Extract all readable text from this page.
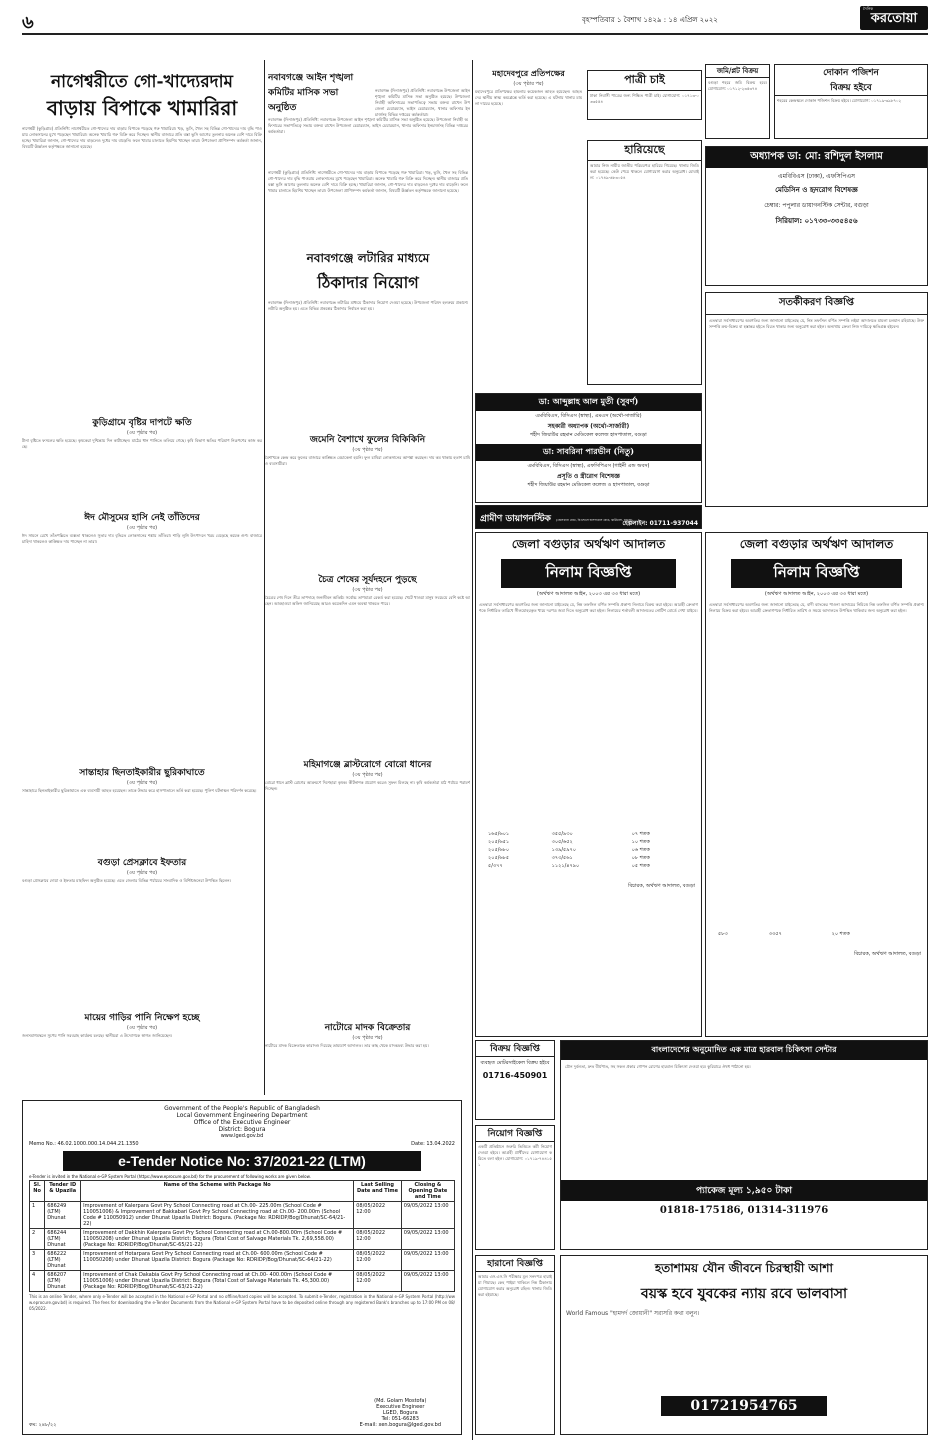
৬	বৃহস্পতিবার ১ বৈশাখ ১৪২৯ : ১৪ এপ্রিল ২০২২
দৈনিক
করতোয়া
নাগেশ্বরীতে গো-খাদ্যেরদাম
বাড়ায় বিপাকে খামারিরা
নাগেশ্বরী (কুড়িগ্রাম) প্রতিনিধি: নাগেশ্বরীতে গো-খাদ্যের দাম বাড়ায় বিপাকে পড়েছে গরু খামারিরা। খড়, ভুসি, খৈল সহ বিভিন্ন গো-খাদ্যের দাম বৃদ্ধি পাওয়ায় লোকসানের মুখে পড়েছেন খামারিরা। অনেক খামারি গরু বিক্রি করে দিচ্ছেন। স্থানীয় বাজারে প্রতি বস্তা ভুসি আগের তুলনায় অনেক বেশি দামে বিক্রি হচ্ছে। খামারিরা জানান, গো-খাদ্যের দাম বাড়লেও দুধের দাম বাড়েনি। ফলে খামার চালাতে হিমশিম খাচ্ছেন তারা। উপজেলা প্রাণিসম্পদ কর্মকর্তা জানান, বিষয়টি ঊর্ধ্বতন কর্তৃপক্ষকে জানানো হয়েছে।
নাগেশ্বরী (কুড়িগ্রাম) প্রতিনিধি: নাগেশ্বরীতে গো-খাদ্যের দাম বাড়ায় বিপাকে পড়েছে গরু খামারিরা। খড়, ভুসি, খৈল সহ বিভিন্ন গো-খাদ্যের দাম বৃদ্ধি পাওয়ায় লোকসানের মুখে পড়েছেন খামারিরা। অনেক খামারি গরু বিক্রি করে দিচ্ছেন। স্থানীয় বাজারে প্রতি বস্তা ভুসি আগের তুলনায় অনেক বেশি দামে বিক্রি হচ্ছে। খামারিরা জানান, গো-খাদ্যের দাম বাড়লেও দুধের দাম বাড়েনি। ফলে খামার চালাতে হিমশিম খাচ্ছেন তারা। উপজেলা প্রাণিসম্পদ কর্মকর্তা জানান, বিষয়টি ঊর্ধ্বতন কর্তৃপক্ষকে জানানো হয়েছে।
নবাবগঞ্জে আইন শৃঙ্খলা
কমিটির মাসিক সভা
অনুষ্ঠিত
নবাবগঞ্জ (দিনাজপুর) প্রতিনিধি: নবাবগঞ্জে উপজেলা আইন শৃঙ্খলা কমিটির মাসিক সভা অনুষ্ঠিত হয়েছে। উপজেলা নির্বাহী অফিসারের সভাপতিত্বে সভায় বক্তব্য রাখেন উপজেলা চেয়ারম্যান, ভাইস চেয়ারম্যান, থানার অফিসার ইনচার্জসহ বিভিন্ন দপ্তরের কর্মকর্তারা।
নবাবগঞ্জ (দিনাজপুর) প্রতিনিধি: নবাবগঞ্জে উপজেলা আইন শৃঙ্খলা কমিটির মাসিক সভা অনুষ্ঠিত হয়েছে। উপজেলা নির্বাহী অফিসারের সভাপতিত্বে সভায় বক্তব্য রাখেন উপজেলা চেয়ারম্যান, ভাইস চেয়ারম্যান, থানার অফিসার ইনচার্জসহ বিভিন্ন দপ্তরের কর্মকর্তারা।
নবাবগঞ্জে লটারির মাধ্যমে
ঠিকাদার নিয়োগ
নবাবগঞ্জ (দিনাজপুর) প্রতিনিধি: নবাবগঞ্জে লটারির মাধ্যমে ঠিকাদার নিয়োগ দেওয়া হয়েছে। উপজেলা পরিষদ হলরুমে প্রকাশ্যে লটারি অনুষ্ঠিত হয়। এতে বিভিন্ন প্রকল্পের ঠিকাদার নির্বাচন করা হয়।
কুড়িগ্রামে বৃষ্টির দাপটে ক্ষতি
(৩য় পৃষ্ঠার পর)
টানা বৃষ্টিতে ফসলের ক্ষতি হয়েছে। কৃষকেরা দুশ্চিন্তায় দিন কাটাচ্ছেন। মাঠের ধান পানিতে তলিয়ে গেছে। কৃষি বিভাগ ক্ষতির পরিমাণ নিরূপণের কাজ করছে।
ঈদ মৌসুমের হাসি নেই তাঁতিদের
(৩য় পৃষ্ঠার পর)
ঈদ সামনে রেখে তাঁতপল্লিতে ব্যস্ততা থাকলেও সুতার দাম বৃদ্ধিতে লোকসানের শঙ্কায় তাঁতিরা। শাড়ি লুঙ্গি উৎপাদনে খরচ বেড়েছে কয়েক গুণ। বাজারে চাহিদা থাকলেও কাঙ্ক্ষিত দাম পাচ্ছেন না তারা।
সান্তাহার ছিনতাইকারীর ছুরিকাঘাতে
(৩য় পৃষ্ঠার পর)
সান্তাহারে ছিনতাইকারীর ছুরিকাঘাতে এক ব্যবসায়ী আহত হয়েছেন। তাকে উদ্ধার করে হাসপাতালে ভর্তি করা হয়েছে। পুলিশ ঘটনাস্থল পরিদর্শন করেছে।
বগুড়া প্রেসক্লাবে ইফতার
(৩য় পৃষ্ঠার পর)
বগুড়া প্রেসক্লাবে দোয়া ও ইফতার মাহফিল অনুষ্ঠিত হয়েছে। এতে জেলার বিভিন্ন পর্যায়ের সাংবাদিক ও বিশিষ্টজনেরা উপস্থিত ছিলেন।
মায়ের গাড়ির পানি নিক্ষেপ হচ্ছে
(৩য় পৃষ্ঠার পর)
জনসমাগমস্থলে সুপেয় পানি সরবরাহ কার্যক্রম চলছে। স্থানীয়রা এ উদ্যোগকে স্বাগত জানিয়েছেন।
জমেনি বৈশাখে ফুলের বিকিকিনি
(৩য় পৃষ্ঠার পর)
বৈশাখকে কেন্দ্র করে ফুলের বাজারে কাঙ্ক্ষিত বেচাকেনা হয়নি। ফুল চাষিরা লোকসানের আশঙ্কা করছেন। দাম কম থাকায় হতাশ চাষি ও ব্যবসায়ীরা।
চৈত্র শেষের সূর্যদহনে পুড়ছে
(৩য় পৃষ্ঠার পর)
চৈত্রের শেষ দিনে তীব্র তাপদাহে জনজীবন অতিষ্ঠ। সর্বোচ্চ তাপমাত্রা রেকর্ড করা হয়েছে। খেটে খাওয়া মানুষ সবচেয়ে বেশি কষ্টে আছেন। আবহাওয়া অফিস জানিয়েছে আরও কয়েকদিন এমন অবস্থা থাকতে পারে।
মহিমাগঞ্জে ব্লাস্টরোগে বোরো ধানের
(৩য় পৃষ্ঠার পর)
বোরো ধানে ব্লাস্ট রোগের আক্রমণে দিশেহারা কৃষক। কীটনাশক প্রয়োগ করেও সুফল মিলছে না। কৃষি কর্মকর্তারা মাঠ পর্যায়ে পরামর্শ দিচ্ছেন।
নাটোরে মাদক বিক্রেতার
(৩য় পৃষ্ঠার পর)
নাটোরে মাদক বিক্রেতাকে কারাদণ্ড দিয়েছে ভ্রাম্যমাণ আদালত। তার কাছ থেকে মাদকদ্রব্য উদ্ধার করা হয়।
মহাদেবপুরে প্রতিপক্ষের
(৩য় পৃষ্ঠার পর)
মহাদেবপুরে প্রতিপক্ষের হামলায় কয়েকজন আহত হয়েছেন। আহতদের স্থানীয় স্বাস্থ্য কমপ্লেক্সে ভর্তি করা হয়েছে। এ ঘটনায় থানায় মামলা দায়ের হয়েছে।
পাত্রী চাই
ঢাকা নিবাসী পাত্রের জন্য শিক্ষিত পাত্রী চাই। যোগাযোগ: ০১৭১৩-০৩৩৫৫৪
জমি/প্লট বিক্রয়
বগুড়া শহরে জমি বিক্রয় হবে। যোগাযোগ: ০১৭১২-২৩৫৩৭৪
দোকান পজিশন
বিক্রয় হইবে
শহরের কেন্দ্রস্থলে দোকান পজিশন বিক্রয় হইবে। যোগাযোগ: ০১৭১৯-৩৯৮৭০২
হারিয়েছে
আমার নিজ নামীয় জাতীয় পরিচয়পত্র হারিয়ে গিয়েছে। থানায় জিডি করা হয়েছে। কেউ পেয়ে থাকলে যোগাযোগ করার অনুরোধ। মোবাইল: ০১৭৪৯-৬৮৩০৫৪
অধ্যাপক ডা: মো: রশিদুল ইসলাম
এমবিবিএস (ঢাকা), এফসিপিএস
মেডিসিন ও হৃদরোগ বিশেষজ্ঞ
চেম্বার: পপুলার ডায়াগনস্টিক সেন্টার, বগুড়া
সিরিয়াল: ০১৭৩৩-৩৩৫৪৫৬
ডা: আব্দুল্লাহ আল মুতী (সুবর্ণ)
এমবিবিএস, বিসিএস (স্বাস্থ্য), এমএস (অর্থো-সার্জারি)
সহকারী অধ্যাপক (অর্থো-সার্জারী)
শহীদ জিয়াউর রহমান মেডিকেল কলেজ হাসপাতাল, বগুড়া
ডা: সাবরিনা পারভীন (নিতু)
এমবিবিএস, বিসিএস (স্বাস্থ্য), এফসিপিএস (গাইনী এন্ড অবস)
প্রসূতি ও স্ত্রীরোগ বিশেষজ্ঞ
শহীদ জিয়াউর রহমান মেডিকেল কলেজ ও হাসপাতাল, বগুড়া
গ্রামীণ ডায়াগনস্টিক (জেলখানা রোড, বিএসএস হাসপাতাল রোড, ঝাউতলা, বগুড়া)
হেল্পলাইন: 01711-937044
সতর্কীকরণ বিজ্ঞপ্তি
এতদ্বারা সর্বসাধারণের অবগতির জন্য জানানো যাইতেছে যে, নিম্ন তফসিল বর্ণিত সম্পত্তি লইয়া আদালতে মামলা চলমান রহিয়াছে। উক্ত সম্পত্তি ক্রয়-বিক্রয় বা হস্তান্তর হইতে বিরত থাকার জন্য অনুরোধ করা হইল। অন্যথায় ক্রেতা নিজ দায়িত্বে ক্ষতিগ্রস্ত হইবেন।
জেলা বগুড়ার অর্থঋণ আদালত
নিলাম বিজ্ঞপ্তি
(অর্থঋণ আদালত আইন, ২০০৩ এর ৩৩ ধারা মতে)
এতদ্বারা সর্বসাধারণের অবগতির জন্য জানানো যাইতেছে যে, নিম্ন তফসিল বর্ণিত সম্পত্তি প্রকাশ্য নিলামে বিক্রয় করা হইবে। আগ্রহী ক্রেতাগণকে নির্ধারিত তারিখে সীলমোহরকৃত খামে দরপত্র জমা দিতে অনুরোধ করা হইল। নিলামের শর্তাবলী আদালতের নোটিশ বোর্ডে দেখা যাইবে।
১৬৫/৬০১	৩৫৫/৯৩০	০৭ শতক
২০৫/৬৫১	৩০৫/৬৫২	১০ শতক
২০৫/৬৮০	১৩৯/৫৯৭০	০৬ শতক
২০৫/৬৮৫	৩৭৩/৫৬১	০৮ শতক
৫/৩৭৭	১১২১/৪৭৯০	০৫ শতক
বিচারক, অর্থঋণ আদালত, বগুড়া
জেলা বগুড়ার অর্থঋণ আদালত
নিলাম বিজ্ঞপ্তি
(অর্থঋণ আদালত আইন, ২০০৩ এর ৩৩ ধারা মতে)
এতদ্বারা সর্বসাধারণের অবগতির জন্য জানানো যাইতেছে যে, বাদী ব্যাংকের পাওনা আদায়ের নিমিত্তে নিম্ন তফসিল বর্ণিত সম্পত্তি প্রকাশ্য নিলামে বিক্রয় করা হইবে। আগ্রহী ক্রেতাগণকে নির্ধারিত তারিখ ও সময়ে আদালতে উপস্থিত থাকিবার জন্য অনুরোধ করা হইল।
৫৮৩	৩৩৫৭	২০ শতক
বিচারক, অর্থঋণ আদালত, বগুড়া
বিক্রয় বিজ্ঞপ্তি
ব্যবহৃত মোটরসাইকেল বিক্রয় হইবে
01716-450901
নিয়োগ বিজ্ঞপ্তি
একটি প্রতিষ্ঠানে জরুরি ভিত্তিতে কর্মী নিয়োগ দেওয়া হইবে। আগ্রহী প্রার্থীদের যোগাযোগ করিতে বলা হইল। যোগাযোগ: ০১৭১৯-৭৪৪১৫১
হারানো বিজ্ঞপ্তি
আমার এস.এস.সি পরীক্ষার মূল সনদপত্র হারাইয়া গিয়াছে। কেহ পাইয়া থাকিলে নিম্ন ঠিকানায় যোগাযোগ করার অনুরোধ রহিল। থানায় জিডি করা হইয়াছে।
বাংলাদেশের অনুমোদিত এক মাত্র হারবাল চিকিৎসা সেন্টার
যৌন দুর্বলতা, দ্রুত বীর্যপাত, সহ সকল প্রকার গোপন রোগের হারবাল চিকিৎসা দেওয়া হয়। কুরিয়ারে ঔষধ পাঠানো হয়।
প্যাকেজ মূল্য ১,৯৫০ টাকা
01818-175186, 01314-311976
হতাশাময় যৌন জীবনে চিরস্থায়ী আশা
বয়স্ক হবে যুবকের ন্যায় রবে ভালবাসা
World Famous "হামদর্দ জোয়ানী" সরাসরি কথা বলুন।
01721954765
Government of the People's Republic of Bangladesh
Local Government Engineering Department
Office of the Executive Engineer
District: Bogura
www.lged.gov.bd
Memo No.: 46.02.1000.000.14.044.21.1350	Date: 13.04.2022
e-Tender Notice No: 37/2021-22 (LTM)
e-Tender is invited in the National e-GP System Portal (https://www.eprocure.gov.bd) for the procurement of following works are given below.
Sl. No	Tender ID & Upazila	Name of the Scheme with Package No	Last Selling Date and Time	Closing & Opening Date and Time
1	686249 (LTM) Dhunat	Improvement of Kalerpara Govt Pry School Connecting road at Ch.00- 225.00m (School Code # 110051006) & Improvement of Bakkabari Govt Pry School Connecting road at Ch.00- 200.00m (School Code # 110050912) under Dhunat Upazila District: Bogura. (Package No: RDRIDP/Bog/Dhunat/SC-64/21-22)	08/05/2022 12:00	09/05/2022 13:00
2	686244 (LTM) Dhunat	Improvement of Dakkhin Kalerpara Govt Pry School Connecting road at Ch.00-800.00m (School Code # 110050208) under Dhunat Upazila District: Bogura (Total Cost of Salvage Materials Tk. 2,69,558.00) (Package No: RDRIDP/Bog/Dhunat/SC-65/21-22)	08/05/2022 12:00	09/05/2022 13:00
3	686222 (LTM) Dhunat	Improvement of Hotarpara Govt Pry School Connecting road at Ch.00- 600.00m (School Code # 110050208) under Dhunat Upazila District: Bogura (Package No: RDRIDP/Bog/Dhunat/SC-64/21-22)	08/05/2022 12:00	09/05/2022 13:00
4	686207 (LTM) Dhunat	Improvement of Chak Dakabia Govt Pry School Connecting road at Ch.00- 400.00m (School Code # 110051006) under Dhunat Upazila District: Bogura (Total Cost of Salvage Materials Tk. 45,300.00) (Package No: RDRIDP/Bog/Dhunat/SC-63/21-22)	08/05/2022 12:00	09/05/2022 13:00
This is an online Tender, where only e-Tender will be accepted in the National e-GP Portal and no offline/hard copies will be accepted. To submit e-Tender, registration in the National e-GP System Portal (http://www.eprocure.gov.bd) is required. The fees for downloading the e-Tender Documents from the National e-GP System Portal have to be deposited online through any registered Bank's branches up to 17:00 PM on 08/05/2022.
(Md. Golam Mostofa)
Executive Engineer
LGED, Bogura
Tel: 051-66283
E-mail: xen.bogura@lged.gov.bd
কম: ২৪৮/২২
